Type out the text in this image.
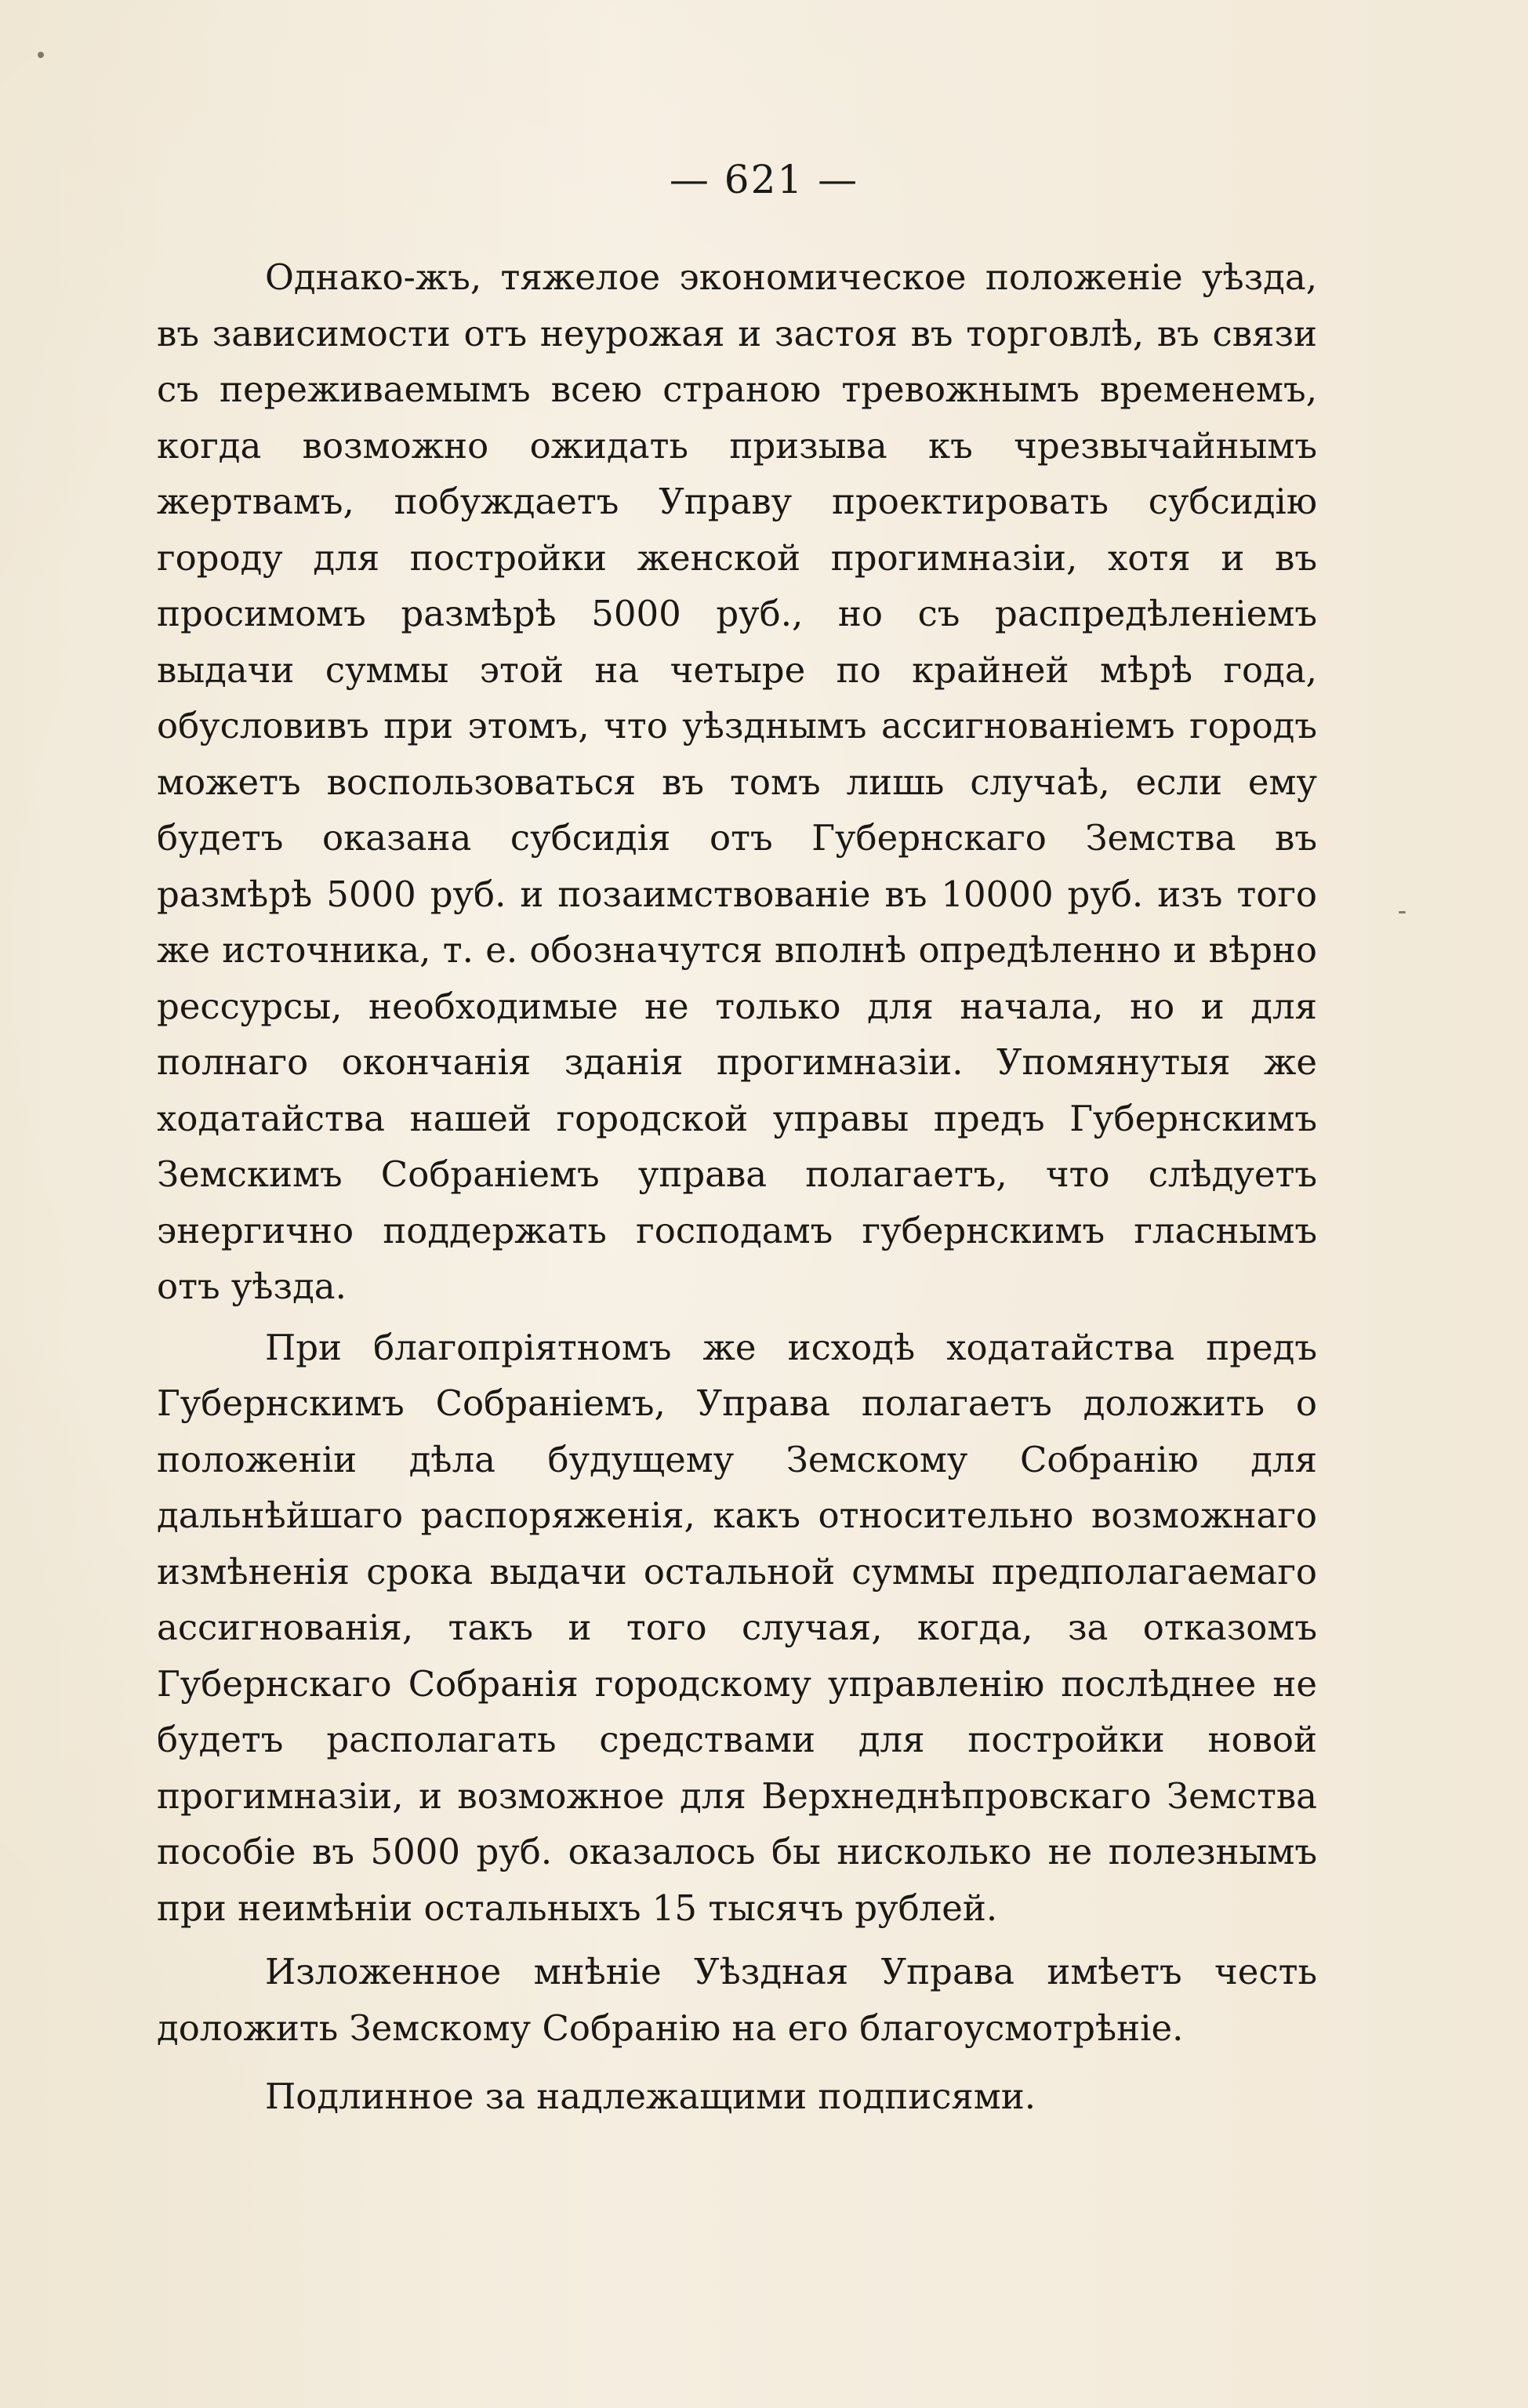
— 621 —

Однако-жъ, тяжелое экономическое положеніе уѣзда, въ зависимости отъ неурожая и застоя въ торговлѣ, въ связи съ переживаемымъ всею страною тревожнымъ временемъ, когда возможно ожидать призыва къ чрезвычайнымъ жертвамъ, побуждаетъ Управу проектировать субсидію городу для постройки женской прогимназіи, хотя и въ просимомъ размѣрѣ 5000 руб., но съ распредѣленіемъ выдачи суммы этой на четыре по крайней мѣрѣ года, обусловивъ при этомъ, что уѣзднымъ ассигнованіемъ городъ можетъ воспользоваться въ томъ лишь случаѣ, если ему будетъ оказана субсидія отъ Губернскаго Земства въ размѣрѣ 5000 руб. и позаимствованіе въ 10000 руб. изъ того же источника, т. е. обозначутся вполнѣ опредѣленно и вѣрно рессурсы, необходимые не только для начала, но и для полнаго окончанія зданія прогимназіи. Упомянутыя же ходатайства нашей городской управы предъ Губернскимъ Земскимъ Собраніемъ управа полагаетъ, что слѣдуетъ энергично поддержать господамъ губернскимъ гласнымъ отъ уѣзда.

При благопріятномъ же исходѣ ходатайства предъ Губернскимъ Собраніемъ, Управа полагаетъ доложить о положеніи дѣла будущему Земскому Собранію для дальнѣйшаго распоряженія, какъ относительно возможнаго измѣненія срока выдачи остальной суммы предполагаемаго ассигнованія, такъ и того случая, когда, за отказомъ Губернскаго Собранія городскому управленію послѣднее не будетъ располагать средствами для постройки новой прогимназіи, и возможное для Верхнеднѣпровскаго Земства пособіе въ 5000 руб. оказалось бы нисколько не полезнымъ при неимѣніи остальныхъ 15 тысячъ рублей.

Изложенное мнѣніе Уѣздная Управа имѣетъ честь доложить Земскому Собранію на его благоусмотрѣніе.

Подлинное за надлежащими подписями.
